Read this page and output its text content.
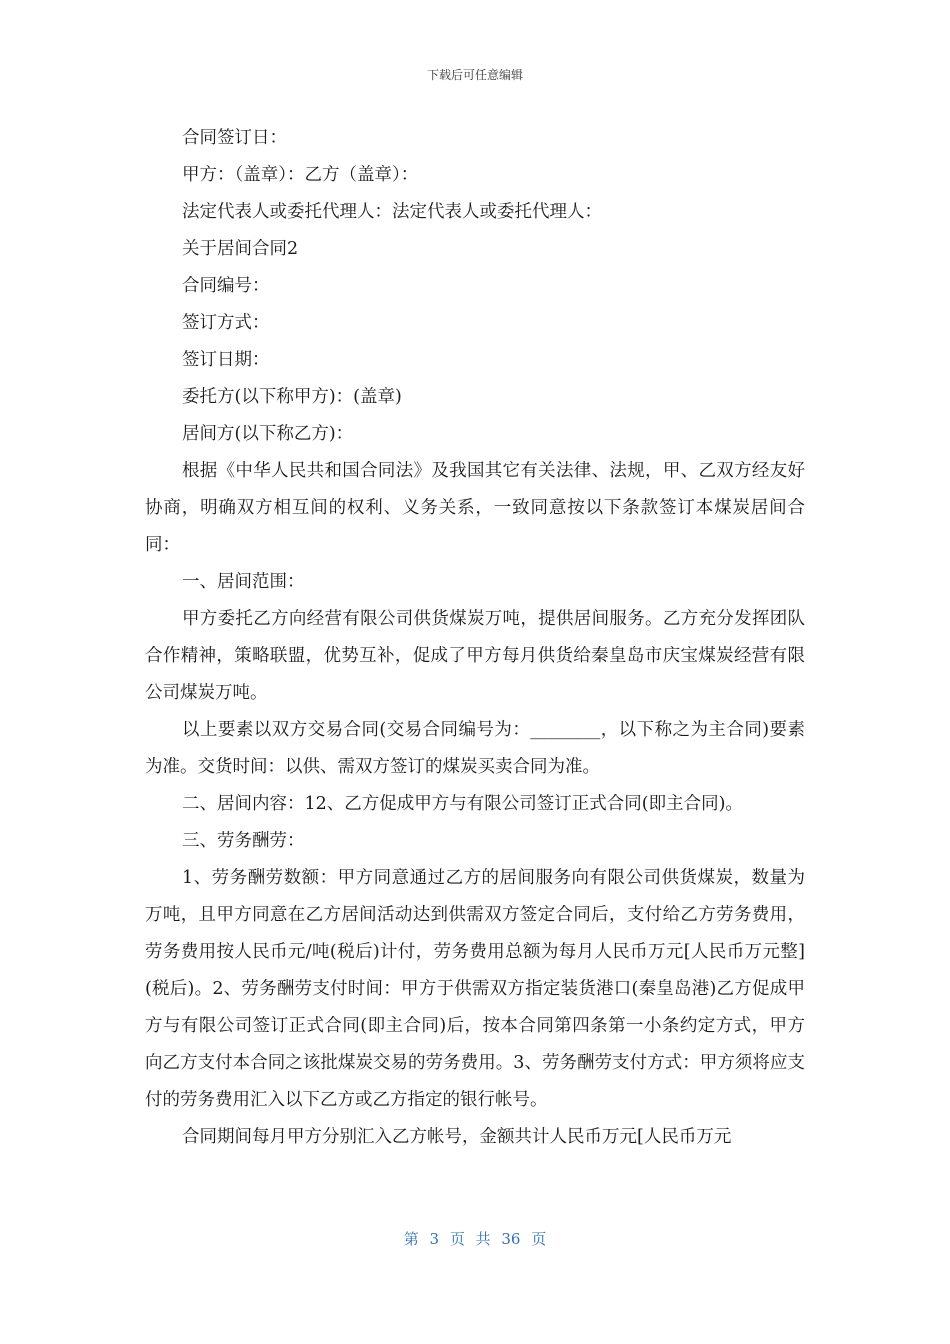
下载后可任意编辑

合同签订日：

甲方：（盖章）：乙方（盖章）：

法定代表人或委托代理人：法定代表人或委托代理人：

关于居间合同2

合同编号：

签订方式：

签订日期：

委托方(以下称甲方)：(盖章)

居间方(以下称乙方)：

根据《中华人民共和国合同法》及我国其它有关法律、法规，甲、乙双方经友好协商，明确双方相互间的权利、义务关系，一致同意按以下条款签订本煤炭居间合同：

一、居间范围：

甲方委托乙方向经营有限公司供货煤炭万吨，提供居间服务。乙方充分发挥团队合作精神，策略联盟，优势互补，促成了甲方每月供货给秦皇岛市庆宝煤炭经营有限公司煤炭万吨。

以上要素以双方交易合同(交易合同编号为：________，以下称之为主合同)要素为准。交货时间：以供、需双方签订的煤炭买卖合同为准。

二、居间内容：12、乙方促成甲方与有限公司签订正式合同(即主合同)。

三、劳务酬劳：

1、劳务酬劳数额：甲方同意通过乙方的居间服务向有限公司供货煤炭，数量为万吨，且甲方同意在乙方居间活动达到供需双方签定合同后，支付给乙方劳务费用，劳务费用按人民币元/吨(税后)计付，劳务费用总额为每月人民币万元[人民币万元整](税后)。2、劳务酬劳支付时间：甲方于供需双方指定装货港口(秦皇岛港)乙方促成甲方与有限公司签订正式合同(即主合同)后，按本合同第四条第一小条约定方式，甲方向乙方支付本合同之该批煤炭交易的劳务费用。3、劳务酬劳支付方式：甲方须将应支付的劳务费用汇入以下乙方或乙方指定的银行帐号。

合同期间每月甲方分别汇入乙方帐号，金额共计人民币万元[人民币万元

第 3 页 共 36 页
